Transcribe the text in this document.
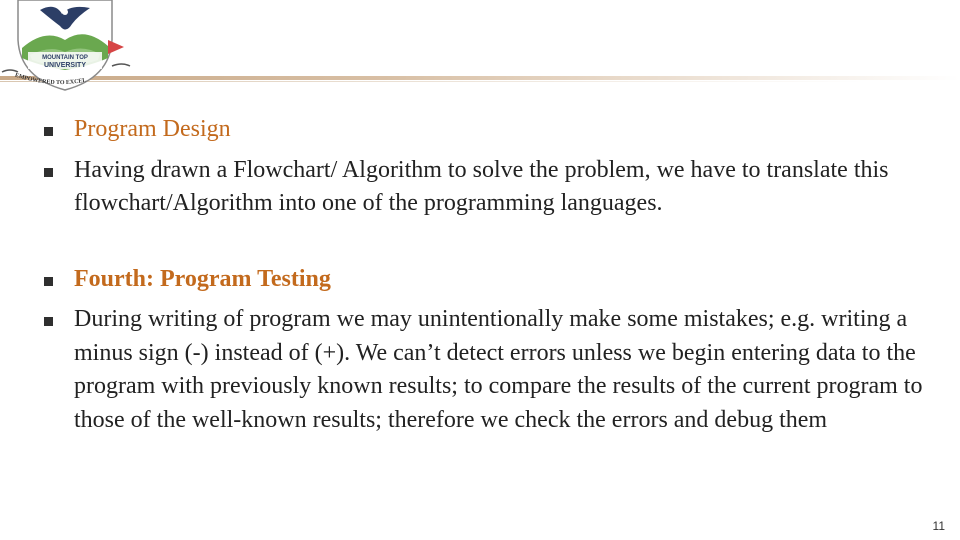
MOUNTAIN TOP
UNIVERSITY
EMPOWERED TO EXCEL
Program Design
Having drawn a Flowchart/ Algorithm to solve the problem, we have to translate this flowchart/Algorithm into one of the programming languages.
Fourth: Program Testing
During writing of program we may unintentionally make some mistakes; e.g. writing a minus sign (-) instead of (+). We can’t detect errors unless we begin entering data to the program with previously known results; to compare the results of the current program to those of the well-known results; therefore we check the errors and debug them
11
